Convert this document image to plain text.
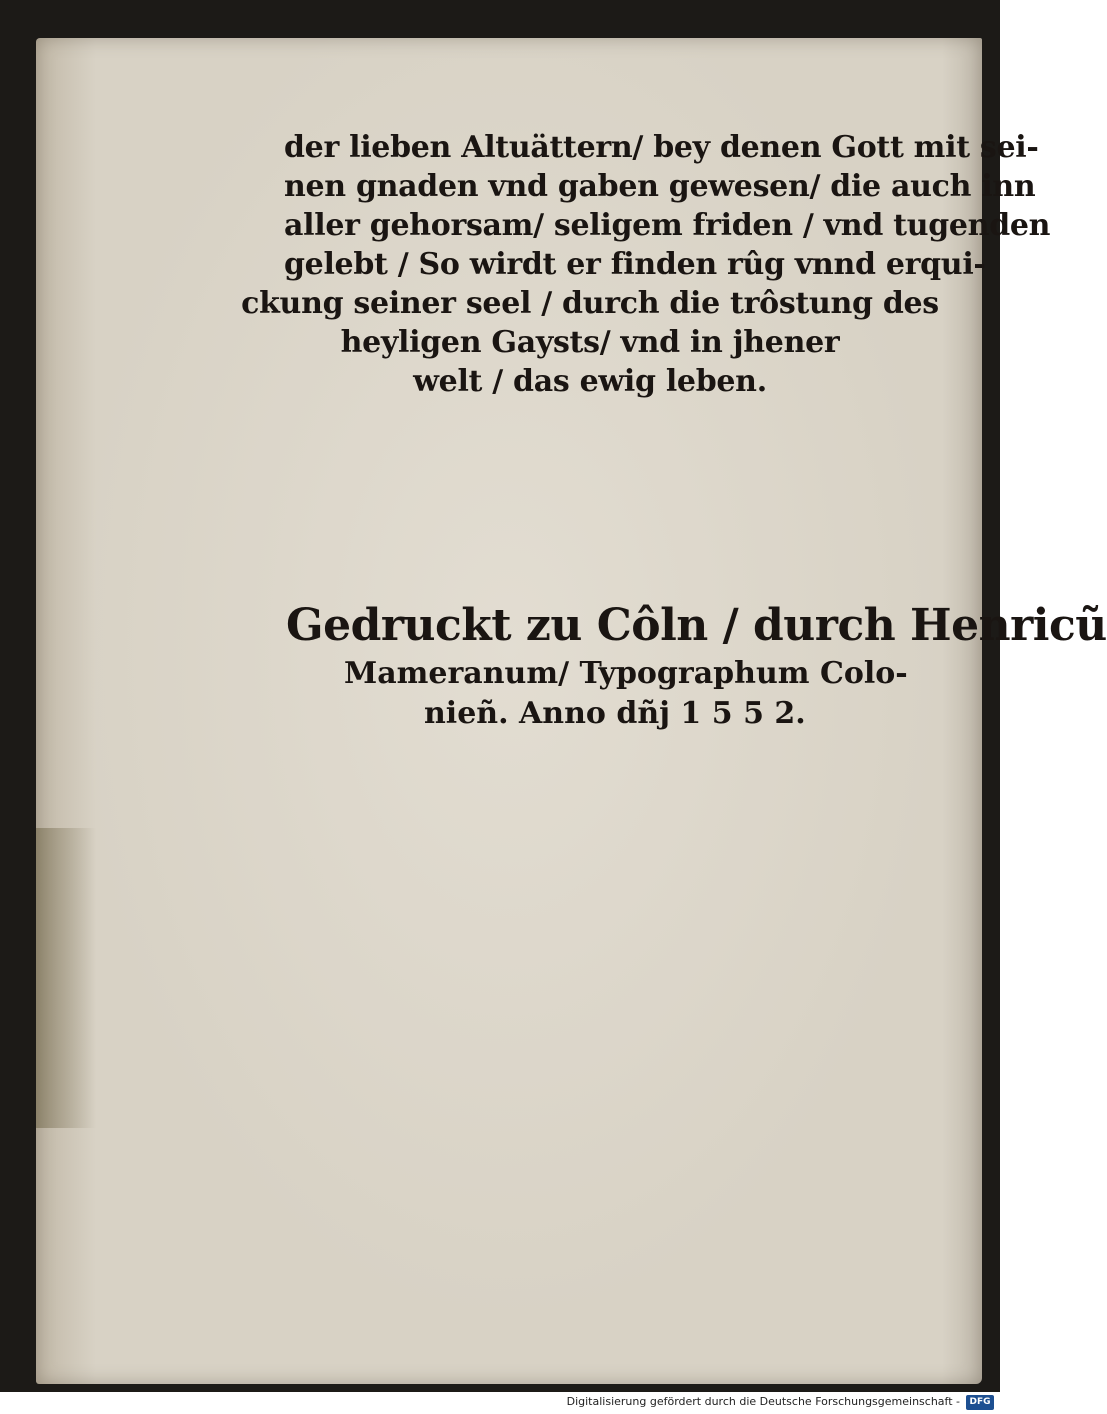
der lieben Altuättern/ bey denen Gott mit sei-
nen gnaden vnd gaben gewesen/ die auch inn
aller gehorsam/ seligem friden / vnd tugenden
gelebt / So wirdt er finden rûg vnnd erqui-
ckung seiner seel / durch die trôstung des
heyligen Gaysts/ vnd in jhener
welt / das ewig leben.
Gedruckt zu Côln / durch Henricũ
Mameranum/ Typographum Colo-
nieñ. Anno dñj 1 5 5 2.
Digitalisierung gefördert durch die Deutsche Forschungsgemeinschaft -	DFG
